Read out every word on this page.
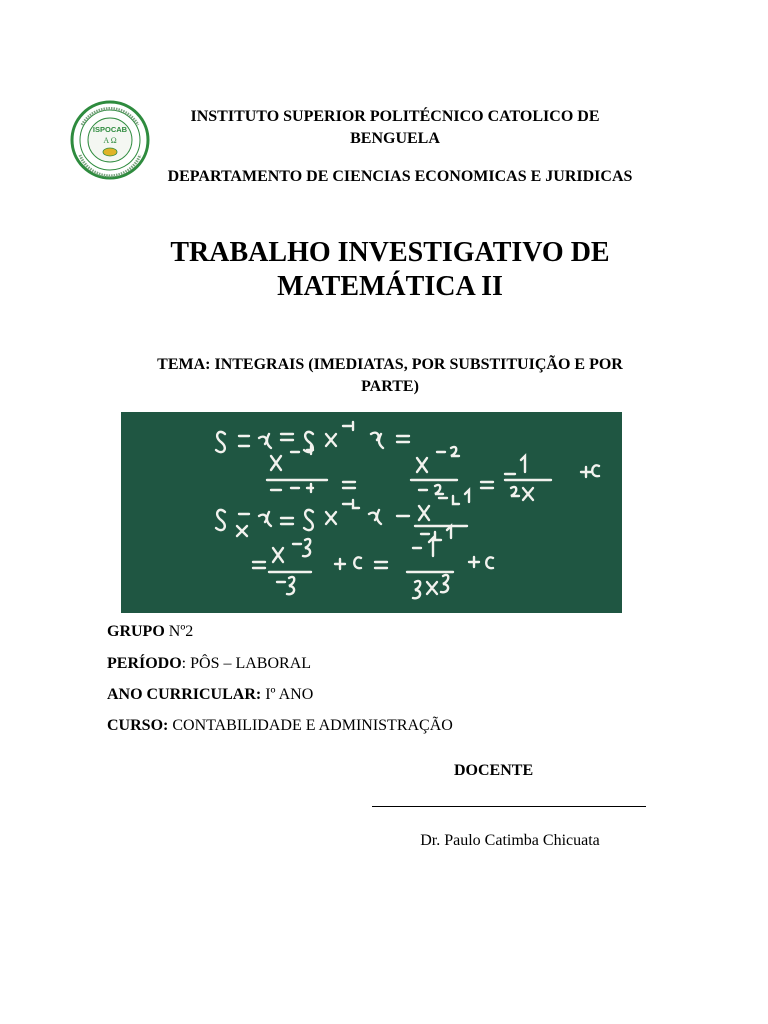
ISPOCAB
A Ω
INSTITUTO SUPERIOR POLITÉCNICO CATOLICO DE
BENGUELA
DEPARTAMENTO DE CIENCIAS ECONOMICAS E JURIDICAS
TRABALHO INVESTIGATIVO DE
MATEMÁTICA II
TEMA: INTEGRAIS (IMEDIATAS, POR SUBSTITUIÇÃO E POR
PARTE)
GRUPO Nº2
PERÍODO: PÔS – LABORAL
ANO CURRICULAR: Iº ANO
CURSO: CONTABILIDADE E ADMINISTRAÇÃO
DOCENTE
Dr. Paulo Catimba Chicuata
